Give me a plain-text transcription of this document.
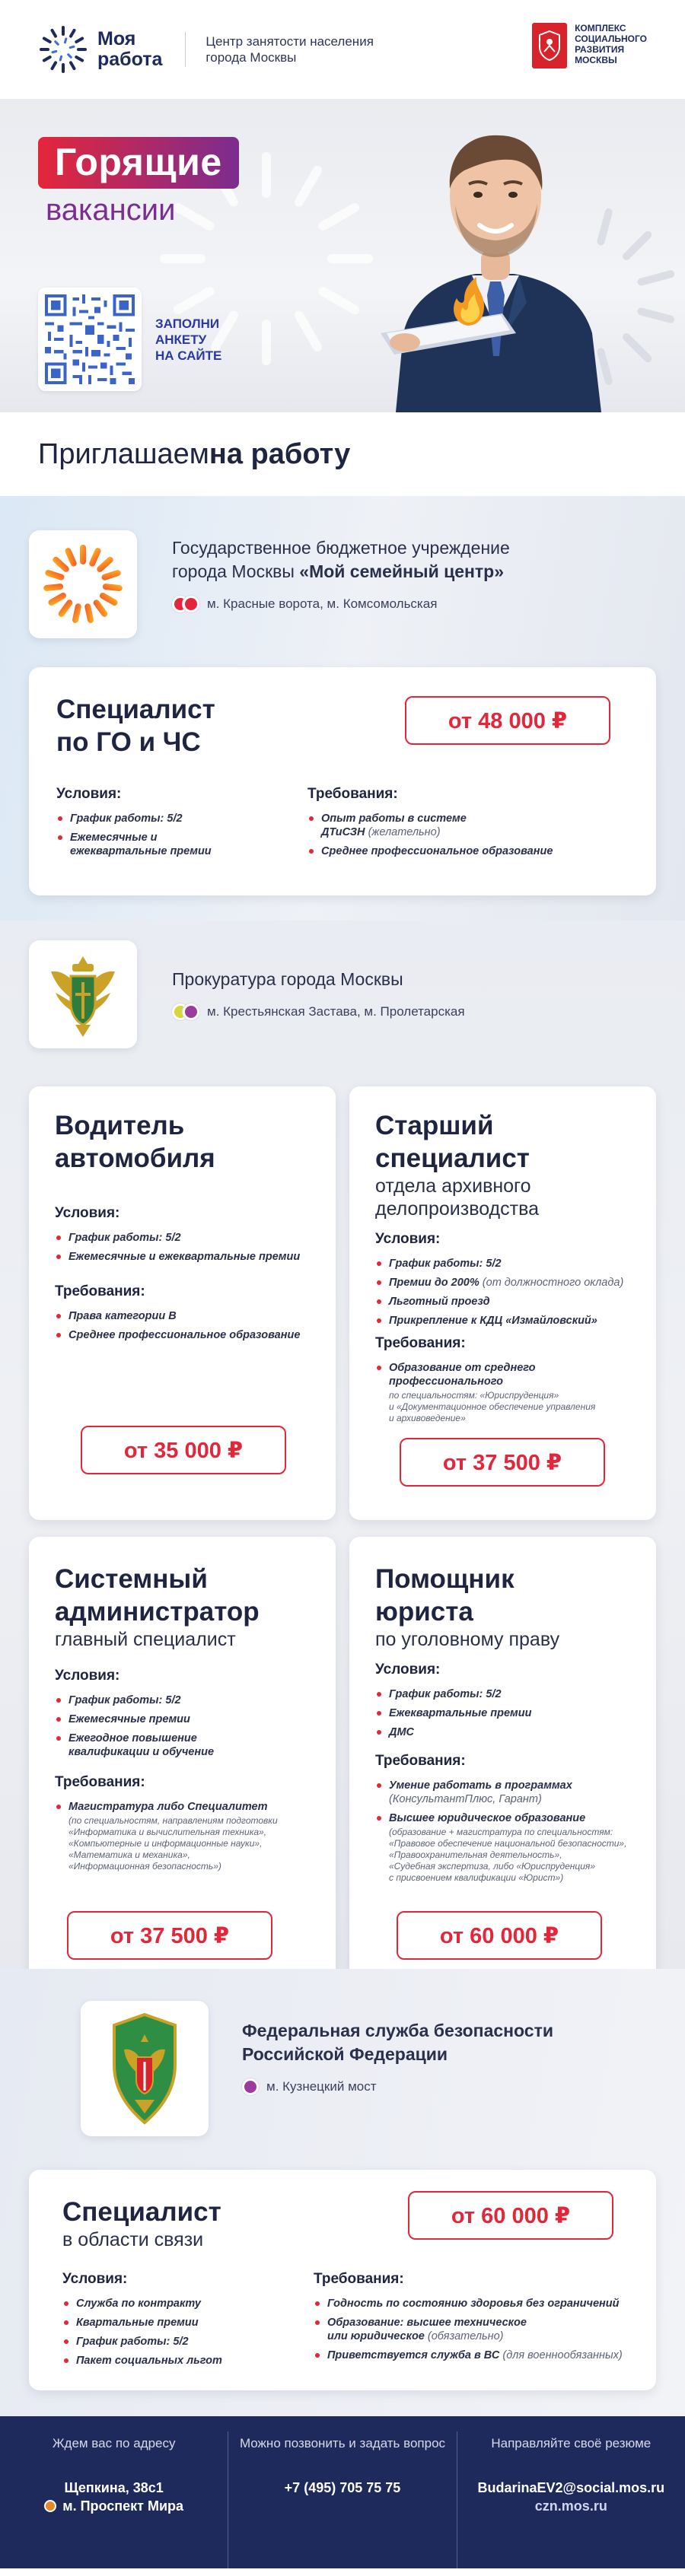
Моя
работа
Центр занятости населения
города Москвы
КОМПЛЕКС
СОЦИАЛЬНОГО
РАЗВИТИЯ
МОСКВЫ
Горящие
вакансии
ЗАПОЛНИ
АНКЕТУ
НА САЙТЕ
Приглашаем на работу
Государственное бюджетное учреждение
города Москвы «Мой семейный центр»
м. Красные ворота, м. Комсомольская
Специалист
по ГО и ЧС
от 48 000 ₽
Условия:
График работы: 5/2
Ежемесячные и ежеквартальные премии
Требования:
Опыт работы в системе ДТиСЗН (желательно)
Среднее профессиональное образование
Прокуратура города Москвы
м. Крестьянская Застава, м. Пролетарская
Водитель
автомобиля
Условия:
График работы: 5/2
Ежемесячные и ежеквартальные премии
Требования:
Права категории В
Среднее профессиональное образование
от 35 000 ₽
Старший
специалист
отдела архивного
делопроизводства
Условия:
График работы: 5/2
Премии до 200% (от должностного оклада)
Льготный проезд
Прикрепление к КДЦ «Измайловский»
Требования:
Образование от среднего
профессионального
по специальностям: «Юриспруденция»
и «Документационное обеспечение управления
и архивоведение»
от 37 500 ₽
Системный
администратор
главный специалист
Условия:
График работы: 5/2
Ежемесячные премии
Ежегодное повышение
квалификации и обучение
Требования:
Магистратура либо Специалитет
(по специальностям, направлениям подготовки
«Информатика и вычислительная техника»,
«Компьютерные и информационные науки»,
«Математика и механика»,
«Информационная безопасность»)
от 37 500 ₽
Помощник
юриста
по уголовному праву
Условия:
График работы: 5/2
Ежеквартальные премии
ДМС
Требования:
Умение работать в программах
(КонсультантПлюс, Гарант)
Высшее юридическое образование
(образование + магистратура по специальностям:
«Правовое обеспечение национальной безопасности»,
«Правоохранительная деятельность»,
«Судебная экспертиза, либо «Юриспруденция»
с присвоением квалификации «Юрист»)
от 60 000 ₽
Федеральная служба безопасности
Российской Федерации
м. Кузнецкий мост
Специалист
в области связи
от 60 000 ₽
Условия:
Служба по контракту
Квартальные премии
График работы: 5/2
Пакет социальных льгот
Требования:
Годность по состоянию здоровья без ограничений
Образование: высшее техническое
или юридическое (обязательно)
Приветствуется служба в ВС (для военнообязанных)
Ждем вас по адресу
Щепкина, 38с1
м. Проспект Мира
Можно позвонить и задать вопрос
+7 (495) 705 75 75
Направляйте своё резюме
BudarinaEV2@social.mos.ru
czn.mos.ru
